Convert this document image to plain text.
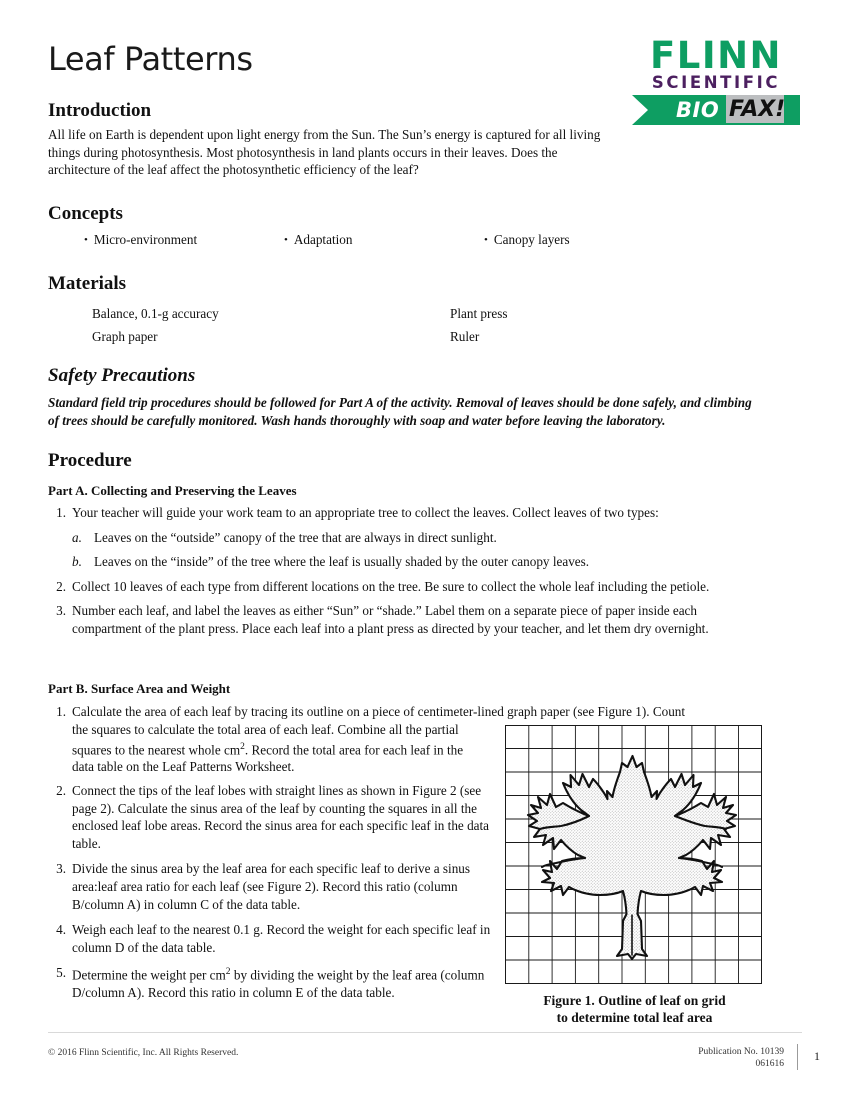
Leaf Patterns	FLINN
SCIENTIFIC
BIO FAX!
Introduction
All life on Earth is dependent upon light energy from the Sun. The Sun’s energy is captured for all living things during photosynthesis. Most photosynthesis in land plants occurs in their leaves. Does the architecture of the leaf affect the photosynthetic efficiency of the leaf?
Concepts
• Micro-environment	• Adaptation	• Canopy layers
Materials
Balance, 0.1-g accuracy	Plant press
Graph paper	Ruler
Safety Precautions
Standard field trip procedures should be followed for Part A of the activity. Removal of leaves should be done safely, and climbing of trees should be carefully monitored. Wash hands thoroughly with soap and water before leaving the laboratory.
Procedure
Part A. Collecting and Preserving the Leaves
1. Your teacher will guide your work team to an appropriate tree to collect the leaves. Collect leaves of two types:
a. Leaves on the “outside” canopy of the tree that are always in direct sunlight.
b. Leaves on the “inside” of the tree where the leaf is usually shaded by the outer canopy leaves.
2. Collect 10 leaves of each type from different locations on the tree. Be sure to collect the whole leaf including the petiole.
3. Number each leaf, and label the leaves as either “Sun” or “shade.” Label them on a separate piece of paper inside each compartment of the plant press. Place each leaf into a plant press as directed by your teacher, and let them dry overnight.
Part B. Surface Area and Weight
1. Calculate the area of each leaf by tracing its outline on a piece of centimeter-lined graph paper (see Figure 1). Count
the squares to calculate the total area of each leaf. Combine all the partial squares to the nearest whole $cm^2$. Record the total area for each leaf in the data table on the Leaf Patterns Worksheet.
2. Connect the tips of the leaf lobes with straight lines as shown in Figure 2 (see page 2). Calculate the sinus area of the leaf by counting the squares in all the enclosed leaf lobe areas. Record the sinus area for each specific leaf in the data table.
3. Divide the sinus area by the leaf area for each specific leaf to derive a sinus area:leaf area ratio for each leaf (see Figure 2). Record this ratio (column B/column A) in column C of the data table.
4. Weigh each leaf to the nearest 0.1 g. Record the weight for each specific leaf in column D of the data table.
5. Determine the weight per $cm^2$ by dividing the weight by the leaf area (column D/column A). Record this ratio in column E of the data table.
Figure 1. Outline of leaf on grid
to determine total leaf area
© 2016 Flinn Scientific, Inc. All Rights Reserved.	Publication No. 10139
061616
1
